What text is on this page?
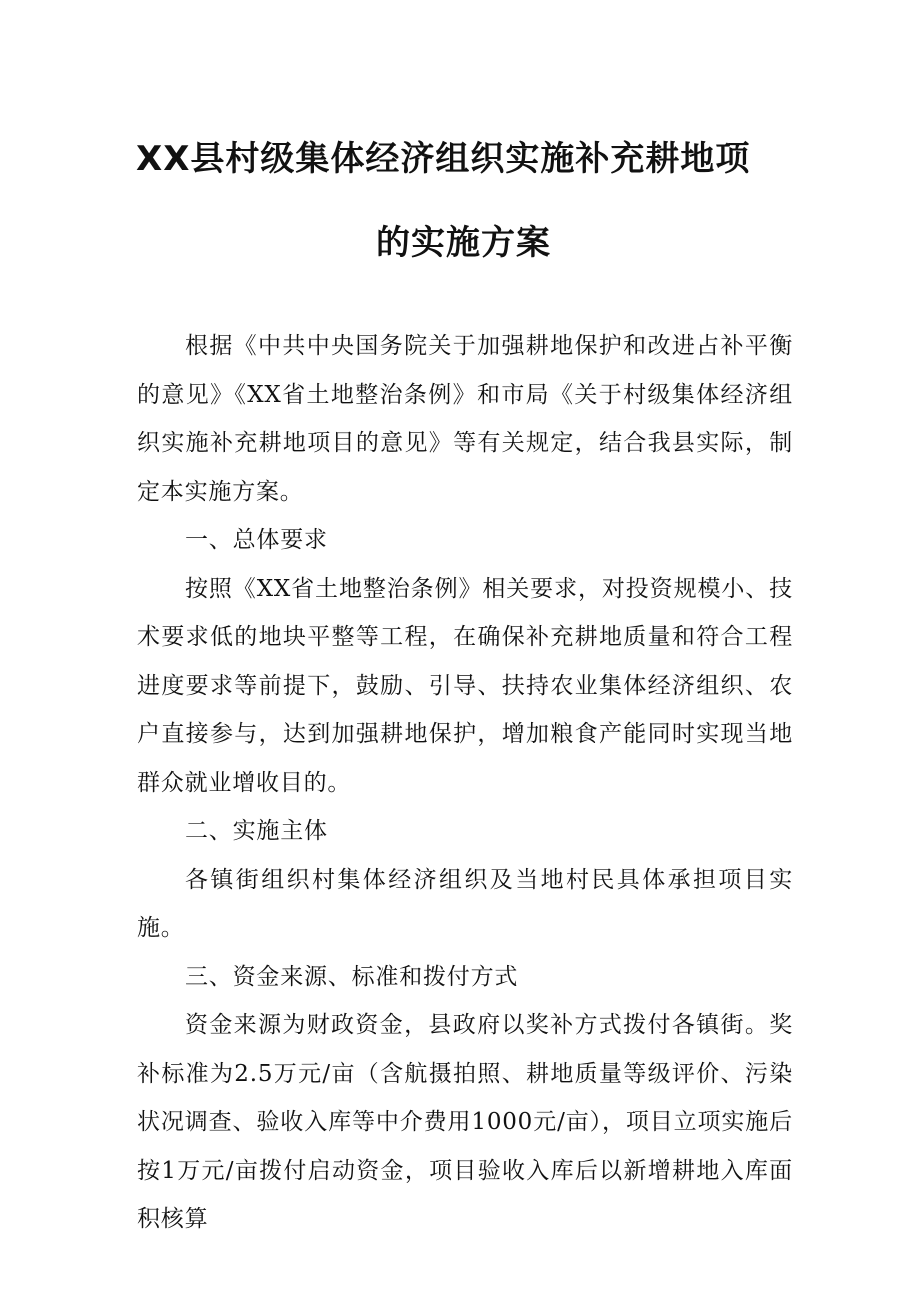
XX县村级集体经济组织实施补充耕地项
的实施方案

根据《中共中央国务院关于加强耕地保护和改进占补平衡的意见》《XX省土地整治条例》和市局《关于村级集体经济组织实施补充耕地项目的意见》等有关规定，结合我县实际，制定本实施方案。

一、总体要求

按照《XX省土地整治条例》相关要求，对投资规模小、技术要求低的地块平整等工程，在确保补充耕地质量和符合工程进度要求等前提下，鼓励、引导、扶持农业集体经济组织、农户直接参与，达到加强耕地保护，增加粮食产能同时实现当地群众就业增收目的。

二、实施主体

各镇街组织村集体经济组织及当地村民具体承担项目实施。

三、资金来源、标准和拨付方式

资金来源为财政资金，县政府以奖补方式拨付各镇街。奖补标准为2.5万元/亩（含航摄拍照、耕地质量等级评价、污染状况调查、验收入库等中介费用1000元/亩），项目立项实施后按1万元/亩拨付启动资金，项目验收入库后以新增耕地入库面积核算
